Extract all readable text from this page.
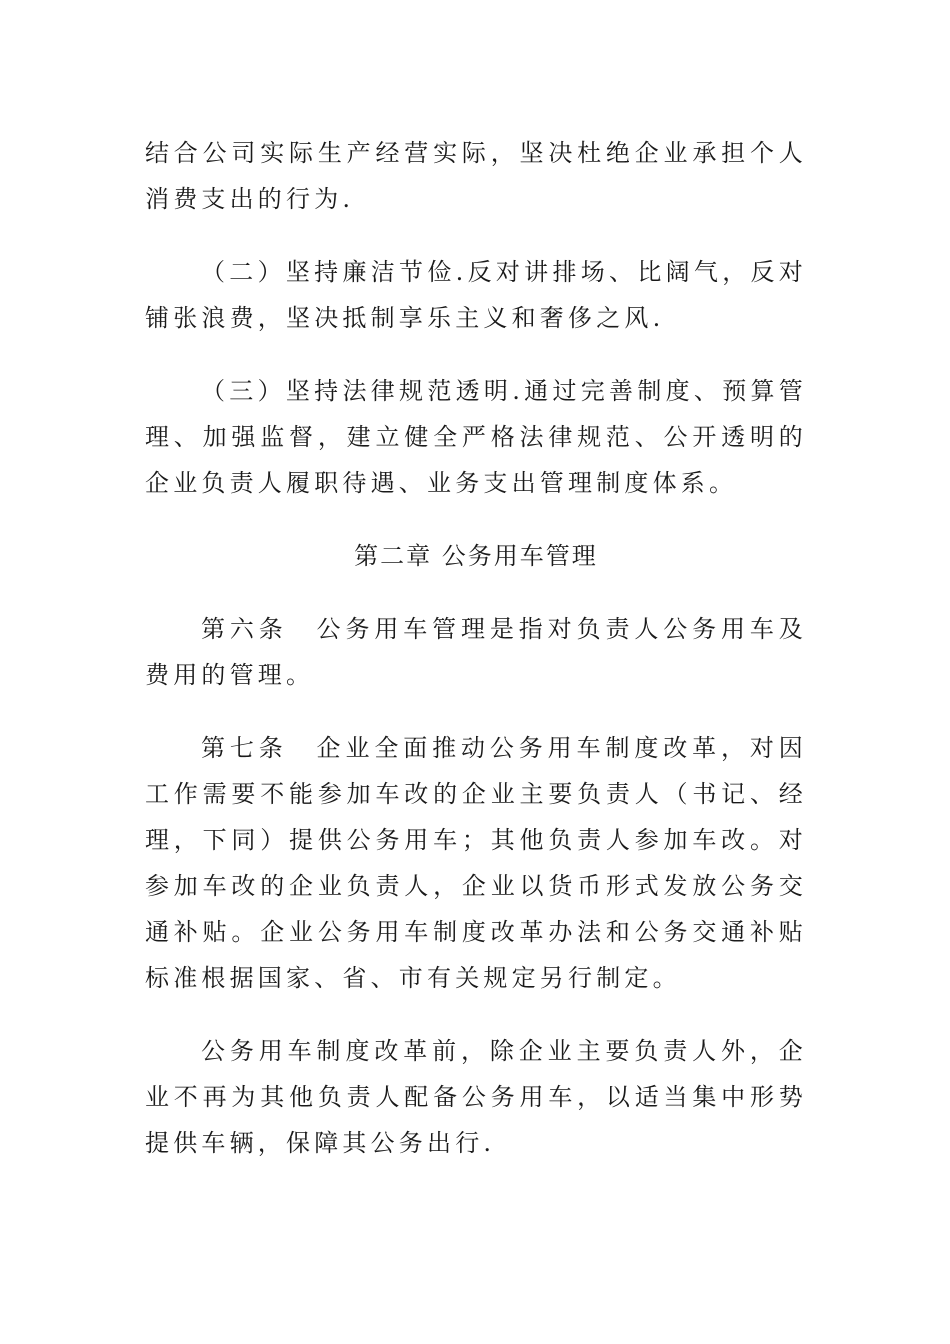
结合公司实际生产经营实际，坚决杜绝企业承担个人消费支出的行为.

（二）坚持廉洁节俭.反对讲排场、比阔气，反对铺张浪费，坚决抵制享乐主义和奢侈之风.

（三）坚持法律规范透明.通过完善制度、预算管理、加强监督，建立健全严格法律规范、公开透明的企业负责人履职待遇、业务支出管理制度体系。

第二章 公务用车管理

第六条　公务用车管理是指对负责人公务用车及费用的管理。

第七条　企业全面推动公务用车制度改革，对因工作需要不能参加车改的企业主要负责人（书记、经理，下同）提供公务用车；其他负责人参加车改。对参加车改的企业负责人，企业以货币形式发放公务交通补贴。企业公务用车制度改革办法和公务交通补贴标准根据国家、省、市有关规定另行制定。

公务用车制度改革前，除企业主要负责人外，企业不再为其他负责人配备公务用车，以适当集中形势提供车辆，保障其公务出行.
